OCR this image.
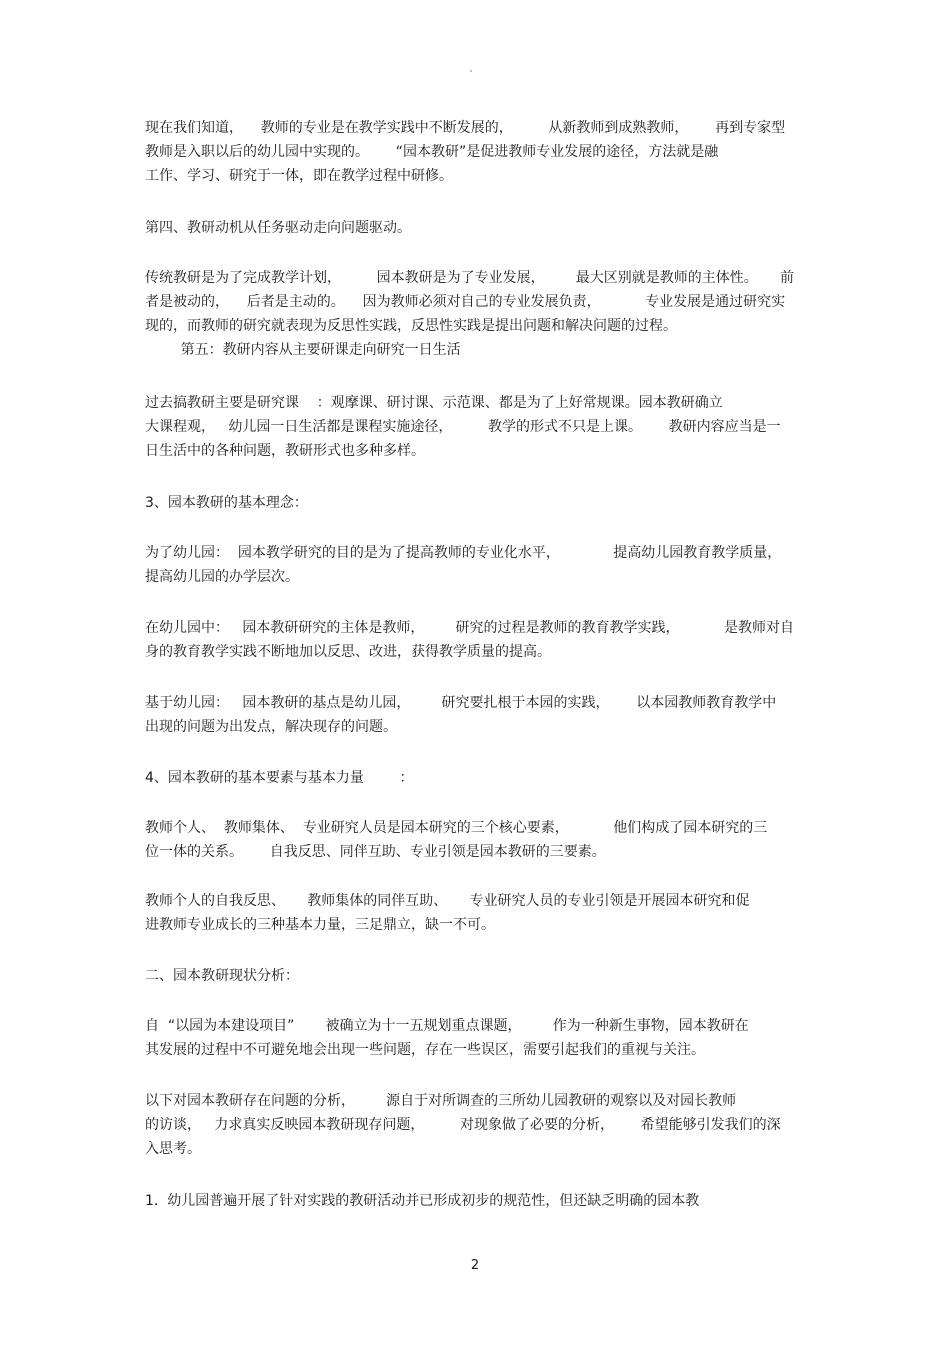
˚
现在我们知道，    教师的专业是在教学实践中不断发展的，        从新教师到成熟教师，      再到专家型
教师是入职以后的幼儿园中实现的。      “园本教研”是促进教师专业发展的途径，方法就是融
工作、学习、研究于一体，即在教学过程中研修。
第四、教研动机从任务驱动走向问题驱动。
传统教研是为了完成教学计划，        园本教研是为了专业发展，       最大区别就是教师的主体性。     前
者是被动的，    后者是主动的。    因为教师必须对自己的专业发展负责，          专业发展是通过研究实
现的，而教师的研究就表现为反思性实践，反思性实践是提出问题和解决问题的过程。
第五：教研内容从主要研课走向研究一日生活
过去搞教研主要是研究课    ：观摩课、研讨课、示范课、都是为了上好常规课。园本教研确立
大课程观，   幼儿园一日生活都是课程实施途径，        教学的形式不只是上课。      教研内容应当是一
日生活中的各种问题，教研形式也多种多样。
3、园本教研的基本理念：
为了幼儿园：  园本教学研究的目的是为了提高教师的专业化水平，            提高幼儿园教育教学质量，
提高幼儿园的办学层次。
在幼儿园中：   园本教研研究的主体是教师，       研究的过程是教师的教育教学实践，          是教师对自
身的教育教学实践不断地加以反思、改进，获得教学质量的提高。
基于幼儿园：   园本教研的基点是幼儿园，       研究要扎根于本园的实践，      以本园教师教育教学中
出现的问题为出发点，解决现存的问题。
4、园本教研的基本要素与基本力量        ：
教师个人、  教师集体、  专业研究人员是园本研究的三个核心要素，          他们构成了园本研究的三
位一体的关系。      自我反思、同伴互助、专业引领是园本教研的三要素。
教师个人的自我反思、     教师集体的同伴互助、     专业研究人员的专业引领是开展园本研究和促
进教师专业成长的三种基本力量，三足鼎立，缺一不可。
二、园本教研现状分析：
自  “以园为本建设项目”       被确立为十一五规划重点课题，       作为一种新生事物，园本教研在
其发展的过程中不可避免地会出现一些问题，存在一些误区，需要引起我们的重视与关注。
以下对园本教研存在问题的分析，       源自于对所调查的三所幼儿园教研的观察以及对园长教师
的访谈，   力求真实反映园本教研现存问题，        对现象做了必要的分析，      希望能够引发我们的深
入思考。
1.  幼儿园普遍开展了针对实践的教研活动并已形成初步的规范性，但还缺乏明确的园本教
2
